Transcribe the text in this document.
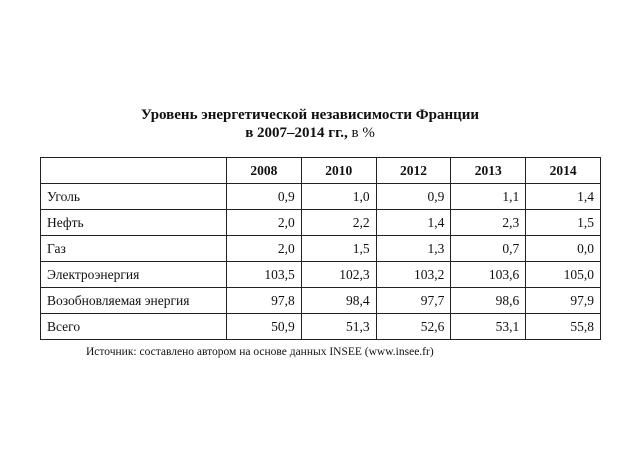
Уровень энергетической независимости Франции
в 2007–2014 гг., в %
	2008	2010	2012	2013	2014
Уголь	0,9	1,0	0,9	1,1	1,4
Нефть	2,0	2,2	1,4	2,3	1,5
Газ	2,0	1,5	1,3	0,7	0,0
Электроэнергия	103,5	102,3	103,2	103,6	105,0
Возобновляемая энергия	97,8	98,4	97,7	98,6	97,9
Всего	50,9	51,3	52,6	53,1	55,8
Источник: составлено автором на основе данных INSEE (www.insee.fr)
